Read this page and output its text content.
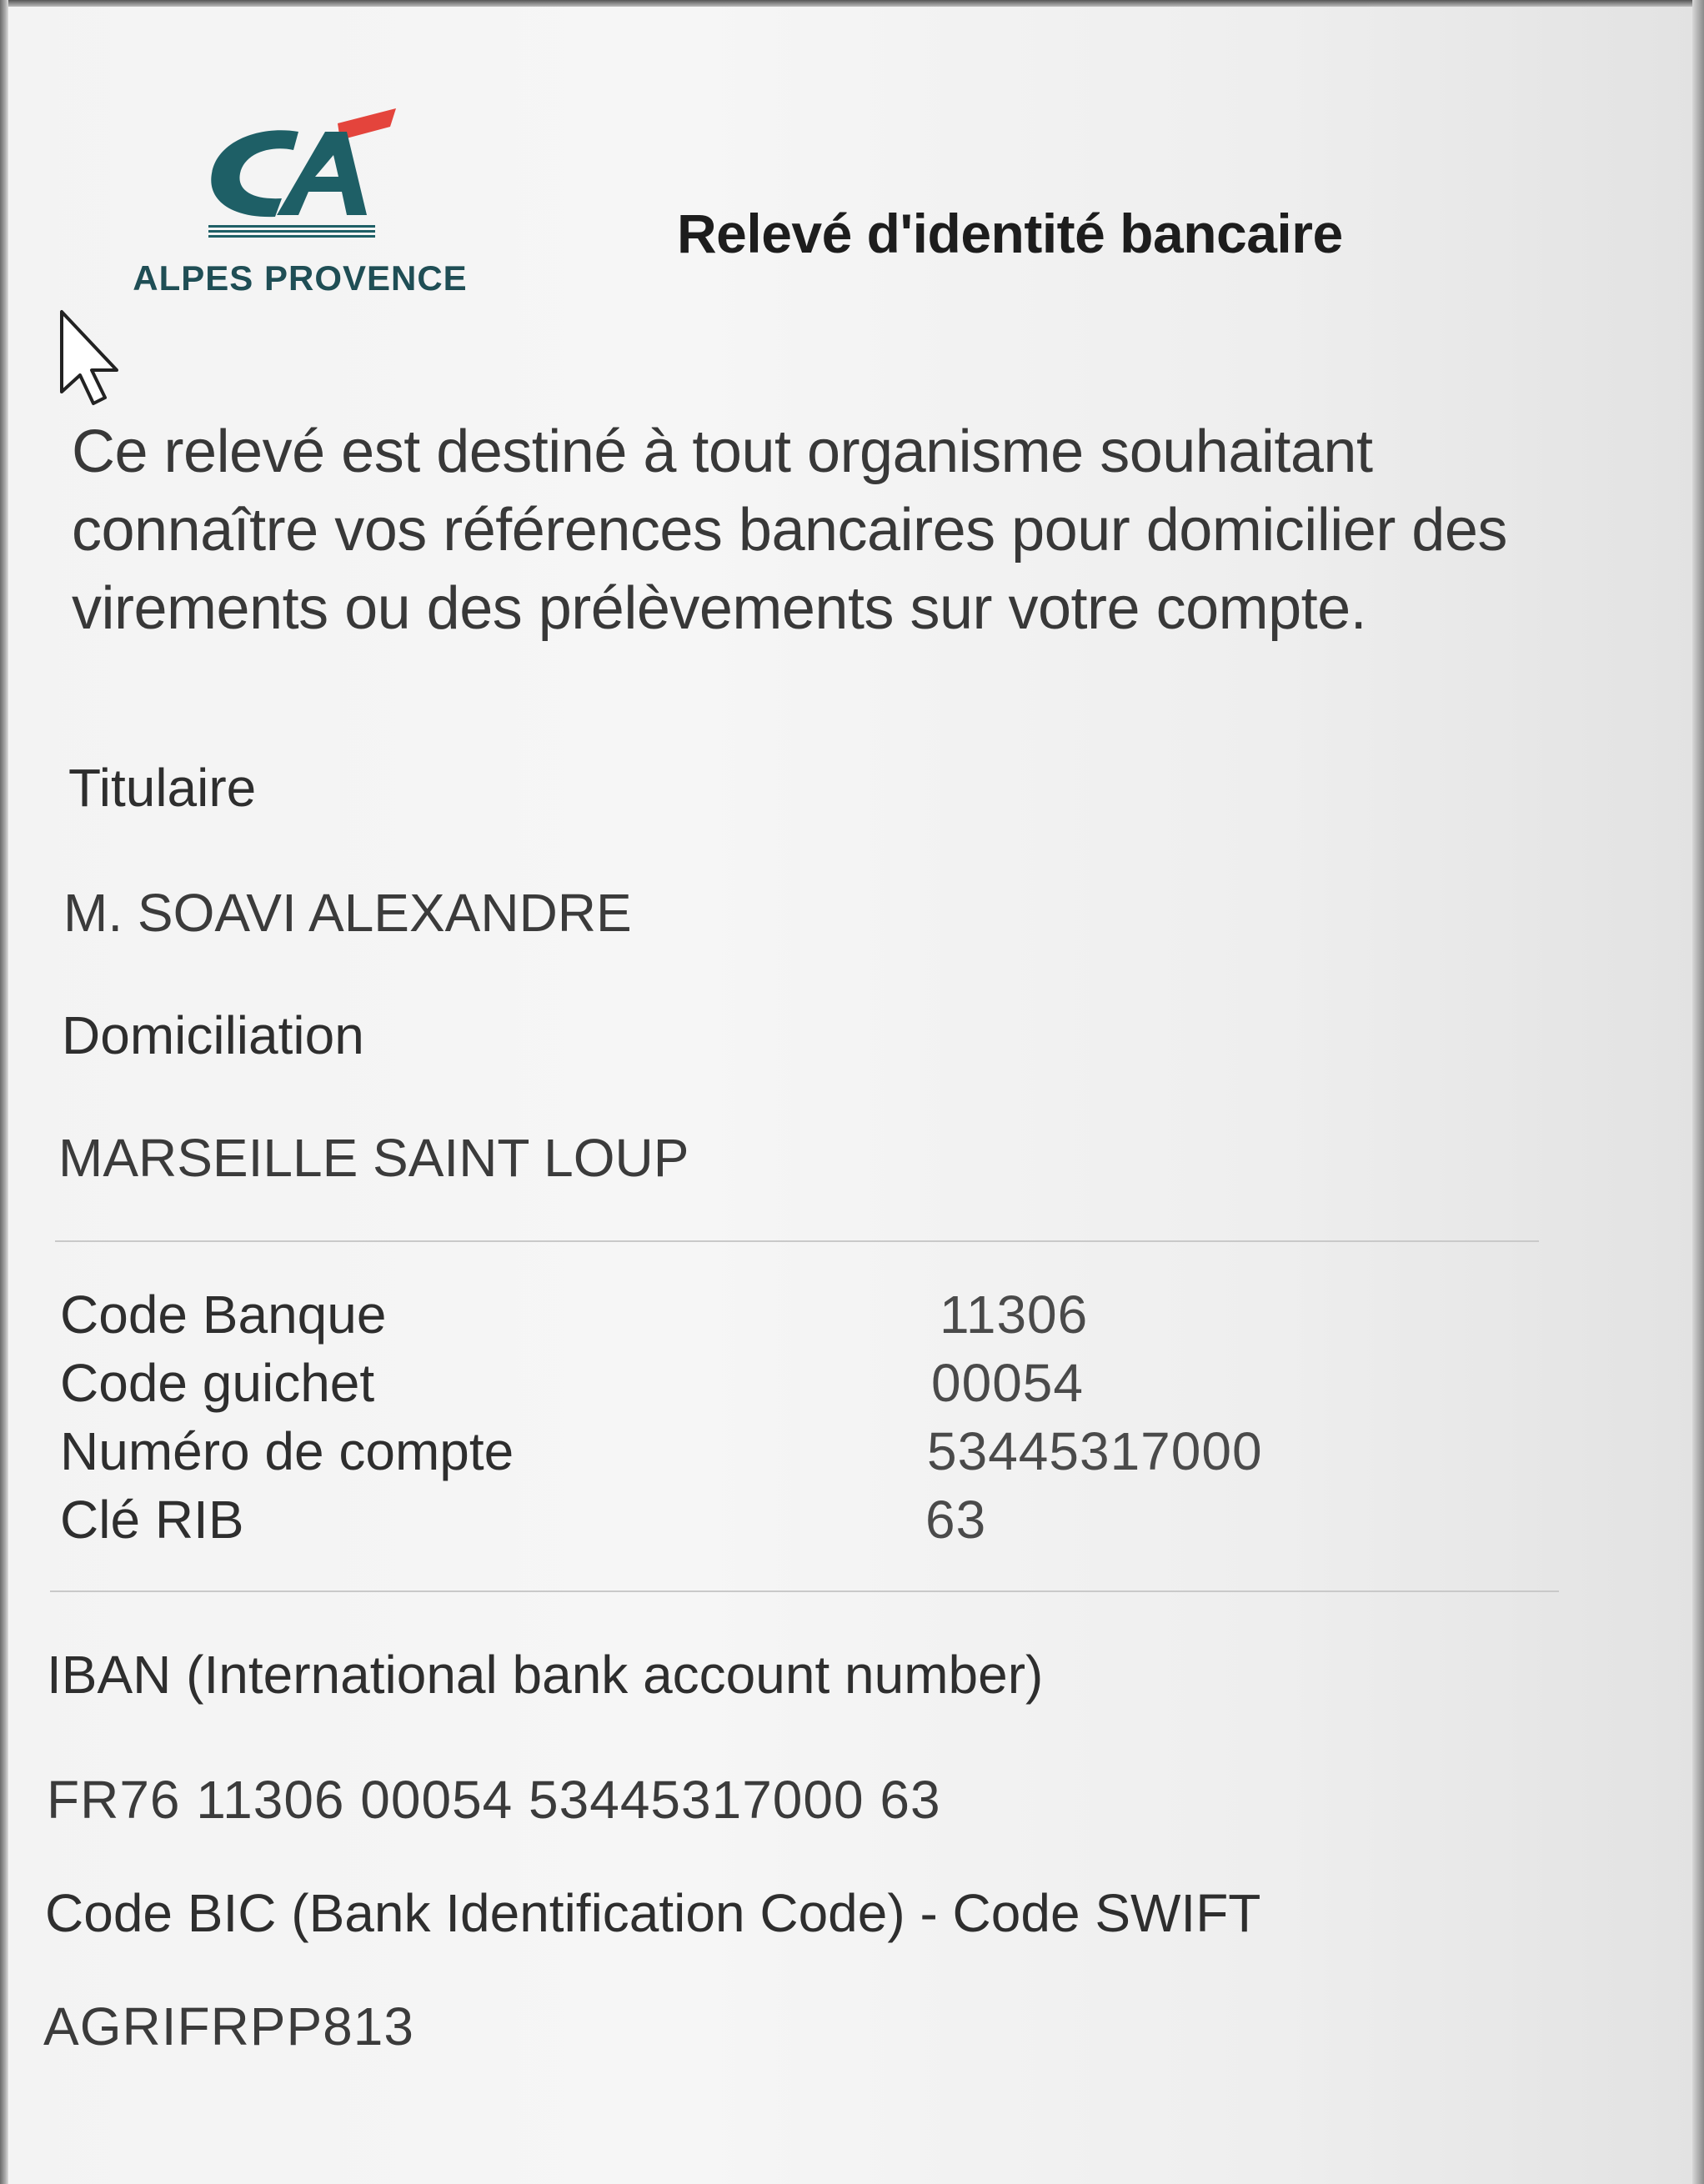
ALPES PROVENCE
Relevé d'identité bancaire
Ce relevé est destiné à tout organisme souhaitant connaître vos références bancaires pour domicilier des virements ou des prélèvements sur votre compte.
Titulaire
M. SOAVI ALEXANDRE
Domiciliation
MARSEILLE SAINT LOUP
Code Banque	11306
Code guichet	00054
Numéro de compte	53445317000
Clé RIB	63
IBAN (International bank account number)
FR76 11306 00054 53445317000 63
Code BIC (Bank Identification Code) - Code SWIFT
AGRIFRPP813
